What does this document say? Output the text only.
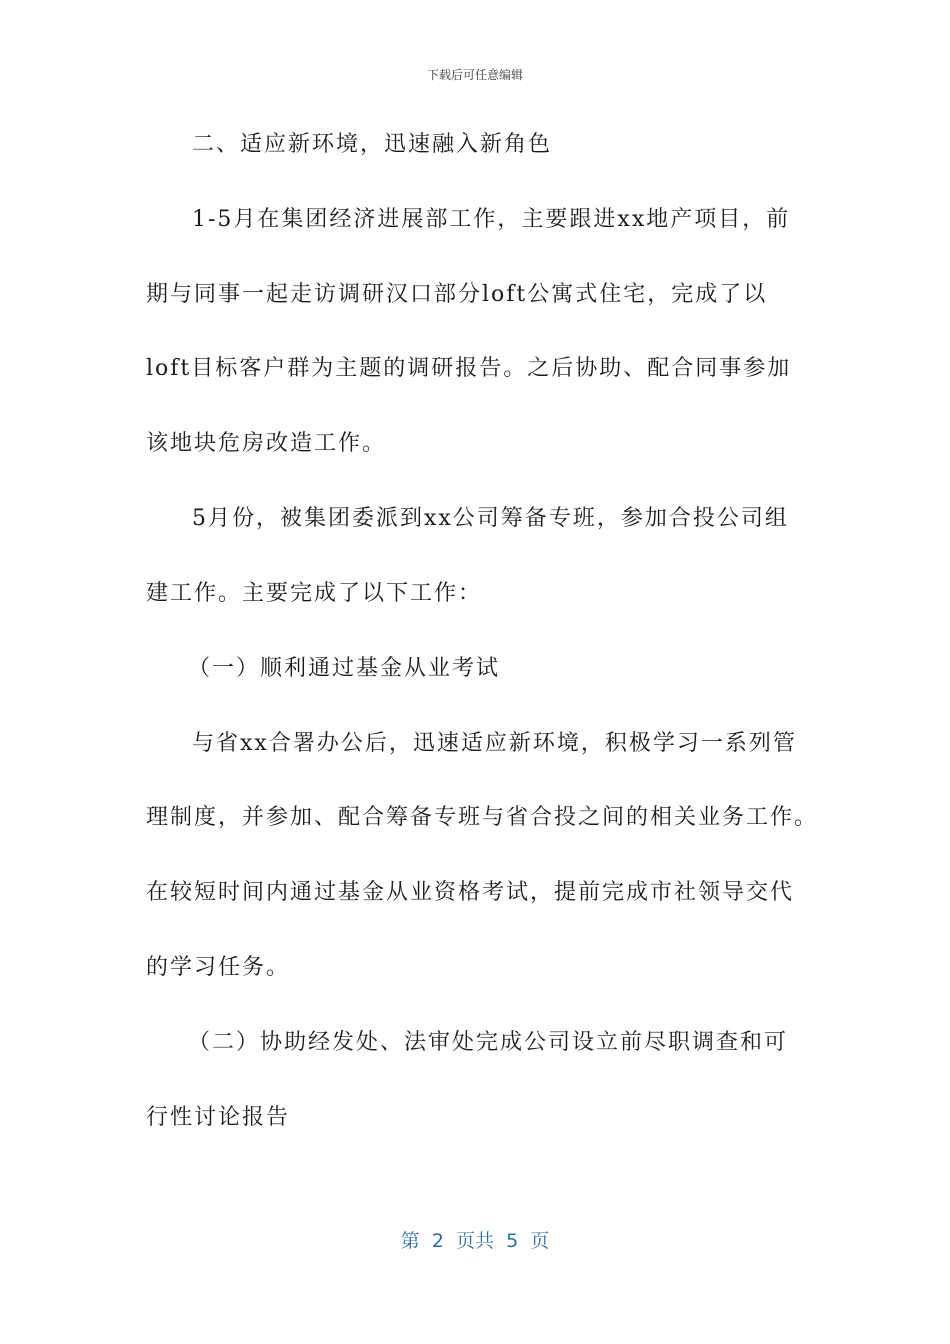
下载后可任意编辑
二、适应新环境，迅速融入新角色
1-5月在集团经济进展部工作，主要跟进xx地产项目，前
期与同事一起走访调研汉口部分loft公寓式住宅，完成了以
loft目标客户群为主题的调研报告。之后协助、配合同事参加
该地块危房改造工作。
5月份，被集团委派到xx公司筹备专班，参加合投公司组
建工作。主要完成了以下工作：
（一）顺利通过基金从业考试
与省xx合署办公后，迅速适应新环境，积极学习一系列管
理制度，并参加、配合筹备专班与省合投之间的相关业务工作。
在较短时间内通过基金从业资格考试，提前完成市社领导交代
的学习任务。
（二）协助经发处、法审处完成公司设立前尽职调查和可
行性讨论报告
第  2  页共  5  页
